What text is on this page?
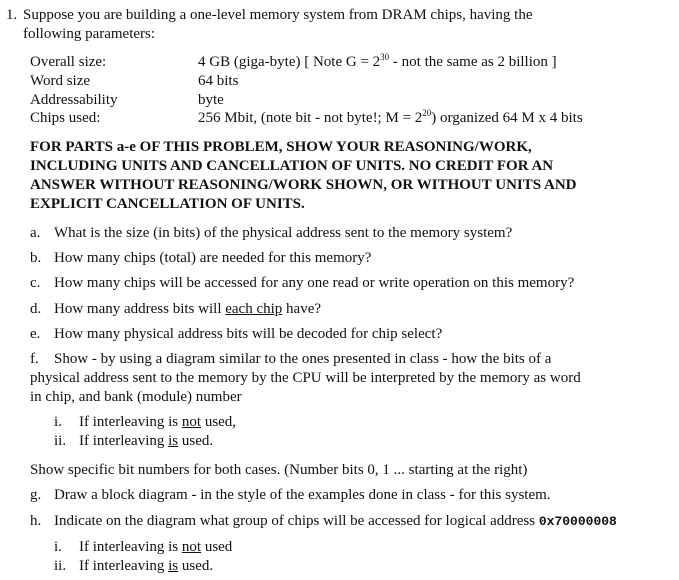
1. Suppose you are building a one-level memory system from DRAM chips, having the
following parameters:
Overall size:	4 GB (giga-byte) [ Note $G = 2^{30}$ - not the same as 2 billion ]
Word size	64 bits
Addressability	byte
Chips used:	256 Mbit, (note bit - not byte!; $M = 2^{20}$) organized 64 M x 4 bits
FOR PARTS a-e OF THIS PROBLEM, SHOW YOUR REASONING/WORK,
INCLUDING UNITS AND CANCELLATION OF UNITS. NO CREDIT FOR AN
ANSWER WITHOUT REASONING/WORK SHOWN, OR WITHOUT UNITS AND
EXPLICIT CANCELLATION OF UNITS.
a. What is the size (in bits) of the physical address sent to the memory system?
b. How many chips (total) are needed for this memory?
c. How many chips will be accessed for any one read or write operation on this memory?
d. How many address bits will each chip have?
e. How many physical address bits will be decoded for chip select?
f. Show - by using a diagram similar to the ones presented in class - how the bits of a
physical address sent to the memory by the CPU will be interpreted by the memory as word
in chip, and bank (module) number
i. If interleaving is not used,
ii. If interleaving is used.
Show specific bit numbers for both cases. (Number bits 0, 1 ... starting at the right)
g. Draw a block diagram - in the style of the examples done in class - for this system.
h. Indicate on the diagram what group of chips will be accessed for logical address 0x70000008
i. If interleaving is not used
ii. If interleaving is used.
